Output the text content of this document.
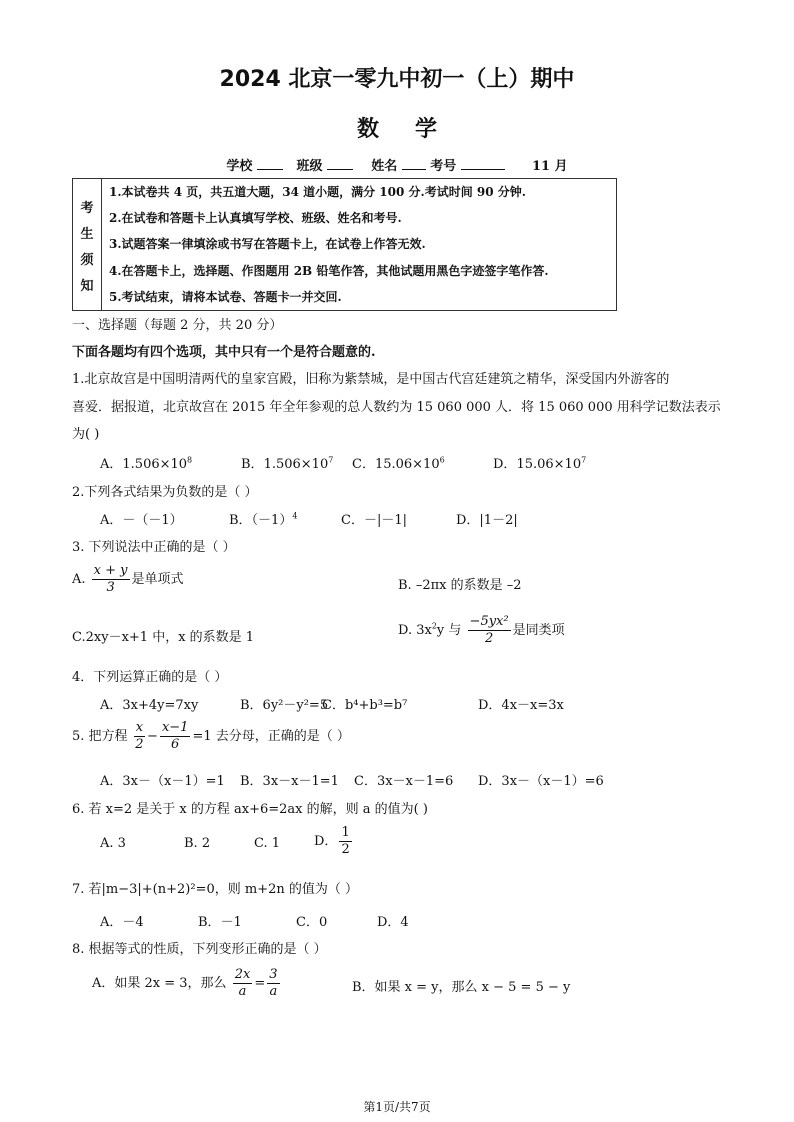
2024 北京一零九中初一（上）期中
数学
学校	班级	姓名	考号	11 月
考
生
须
知
1.本试卷共 4 页，共五道大题，34 道小题，满分 100 分.考试时间 90 分钟.
2.在试卷和答题卡上认真填写学校、班级、姓名和考号.
3.试题答案一律填涂或书写在答题卡上，在试卷上作答无效.
4.在答题卡上，选择题、作图题用 2B 铅笔作答，其他试题用黑色字迹签字笔作答.
5.考试结束，请将本试卷、答题卡一并交回.
一、选择题（每题 2 分，共 20 分）
下面各题均有四个选项，其中只有一个是符合题意的.
1.北京故宫是中国明清两代的皇家宫殿，旧称为紫禁城，是中国古代宫廷建筑之精华，深受国内外游客的
喜爱．据报道，北京故宫在 2015 年全年参观的总人数约为 15 060 000 人．将 15 060 000 用科学记数法表示
为( )
A．$1.506\times 10^8$	B．$1.506\times 10^7$ C．$15.06\times 10^6$	D．$15.06\times 10^7$
2.下列各式结果为负数的是（ ）
A．－（－1）	B．$(-1)^4$	C．－|－1|	D．|1－2|
3. 下列说法中正确的是（ ）
A. $\frac{x + y}{3}$ 是单项式	B. –2πx 的系数是 –2
C.2xy－x+1 中，x 的系数是 1	D. $3x^2y$ 与 $\frac{\text{−5yx²}}{2}$ 是同类项
4．下列运算正确的是（ ）
A．3x+4y=7xy	B．6y²－y²=5
C．b⁴+b³=b⁷	D．4x－x=3x
5. 把方程 $\frac{x}{2} - \frac{x-1}{6} =1$ 去分母，正确的是（ ）
A．3x－（x－1）=1 B．3x－x－1=1 C．3x－x－1=6 D．3x－（x－1）=6
6. 若 x=2 是关于 x 的方程 ax+6=2ax 的解，则 a 的值为( )
A. 3	B. 2	C. 1	D． $\frac{1}{2}$
7. 若|m−3|+(n+2)²=0，则 m+2n 的值为（ ）
A．－4	B．－1	C．0	D．4
8. 根据等式的性质，下列变形正确的是（ ）
A．如果 2x = 3，那么 $\frac{2x}{a} = \frac{3}{a}$	B．如果 x = y，那么 x − 5 = 5 − y
第1页/共7页
